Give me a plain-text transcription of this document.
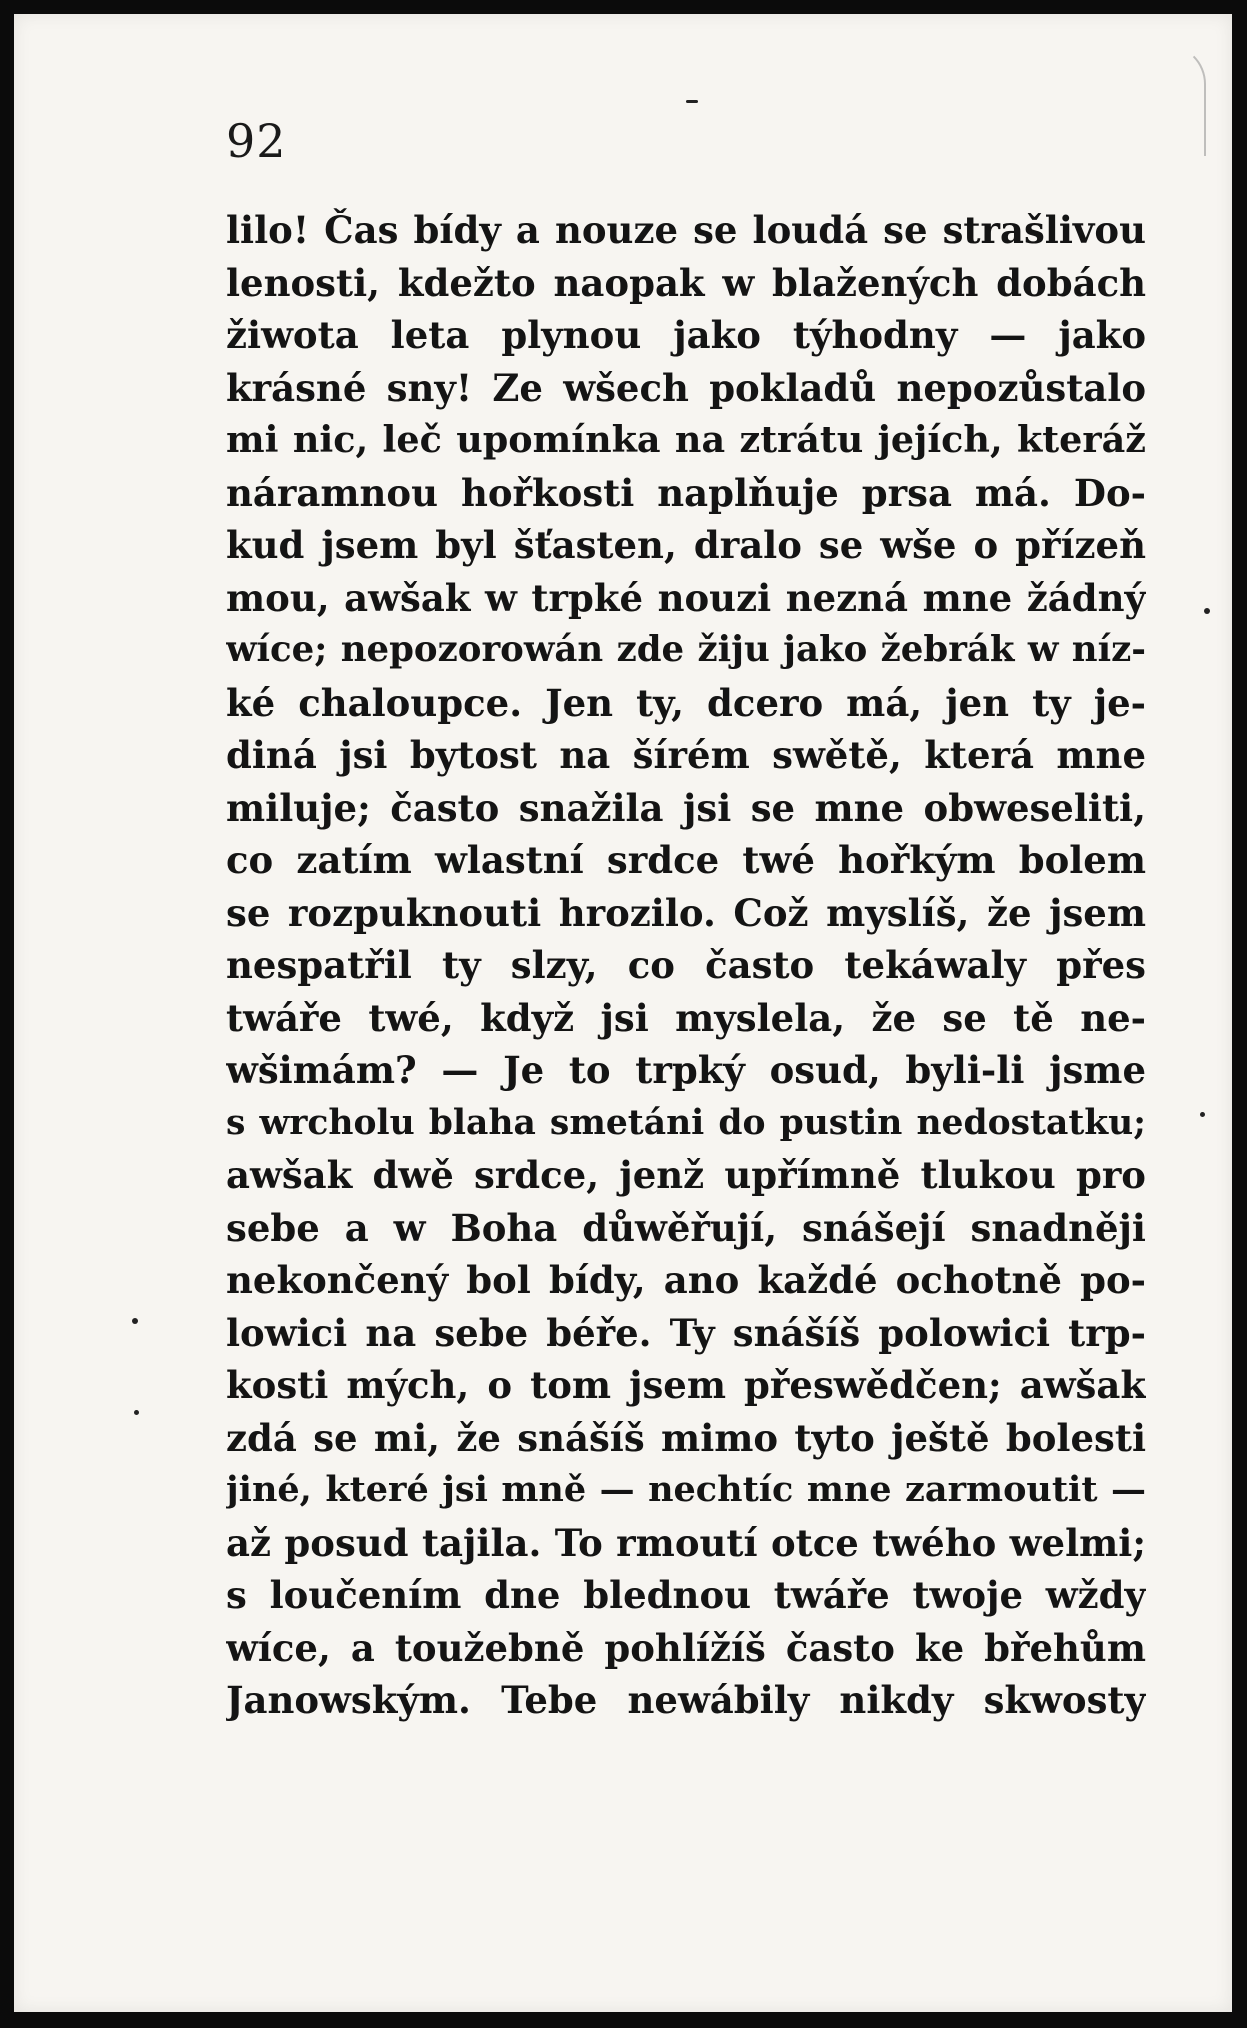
92
lilo! Čas bídy a nouze se loudá se strašlivou
lenosti, kdežto naopak w blažených dobách
žiwota leta plynou jako týhodny — jako
krásné sny! Ze wšech pokladů nepozůstalo
mi nic, leč upomínka na ztrátu jejích, kteráž
náramnou hořkosti naplňuje prsa má. Do-
kud jsem byl šťasten, dralo se wše o přízeň
mou, awšak w trpké nouzi nezná mne žádný
wíce; nepozorowán zde žiju jako žebrák w níz-
ké chaloupce. Jen ty, dcero má, jen ty je-
diná jsi bytost na šírém swětě, která mne
miluje; často snažila jsi se mne obweseliti,
co zatím wlastní srdce twé hořkým bolem
se rozpuknouti hrozilo. Což myslíš, že jsem
nespatřil ty slzy, co často tekáwaly přes
twáře twé, když jsi myslela, že se tě ne-
wšimám? — Je to trpký osud, byli-li jsme
s wrcholu blaha smetáni do pustin nedostatku;
awšak dwě srdce, jenž upřímně tlukou pro
sebe a w Boha důwěřují, snášejí snadněji
nekončený bol bídy, ano každé ochotně po-
lowici na sebe béře. Ty snášíš polowici trp-
kosti mých, o tom jsem přeswědčen; awšak
zdá se mi, že snášíš mimo tyto ještě bolesti
jiné, které jsi mně — nechtíc mne zarmoutit —
až posud tajila. To rmoutí otce twého welmi;
s loučením dne blednou twáře twoje wždy
wíce, a toužebně pohlížíš často ke břehům
Janowským. Tebe newábily nikdy skwosty
